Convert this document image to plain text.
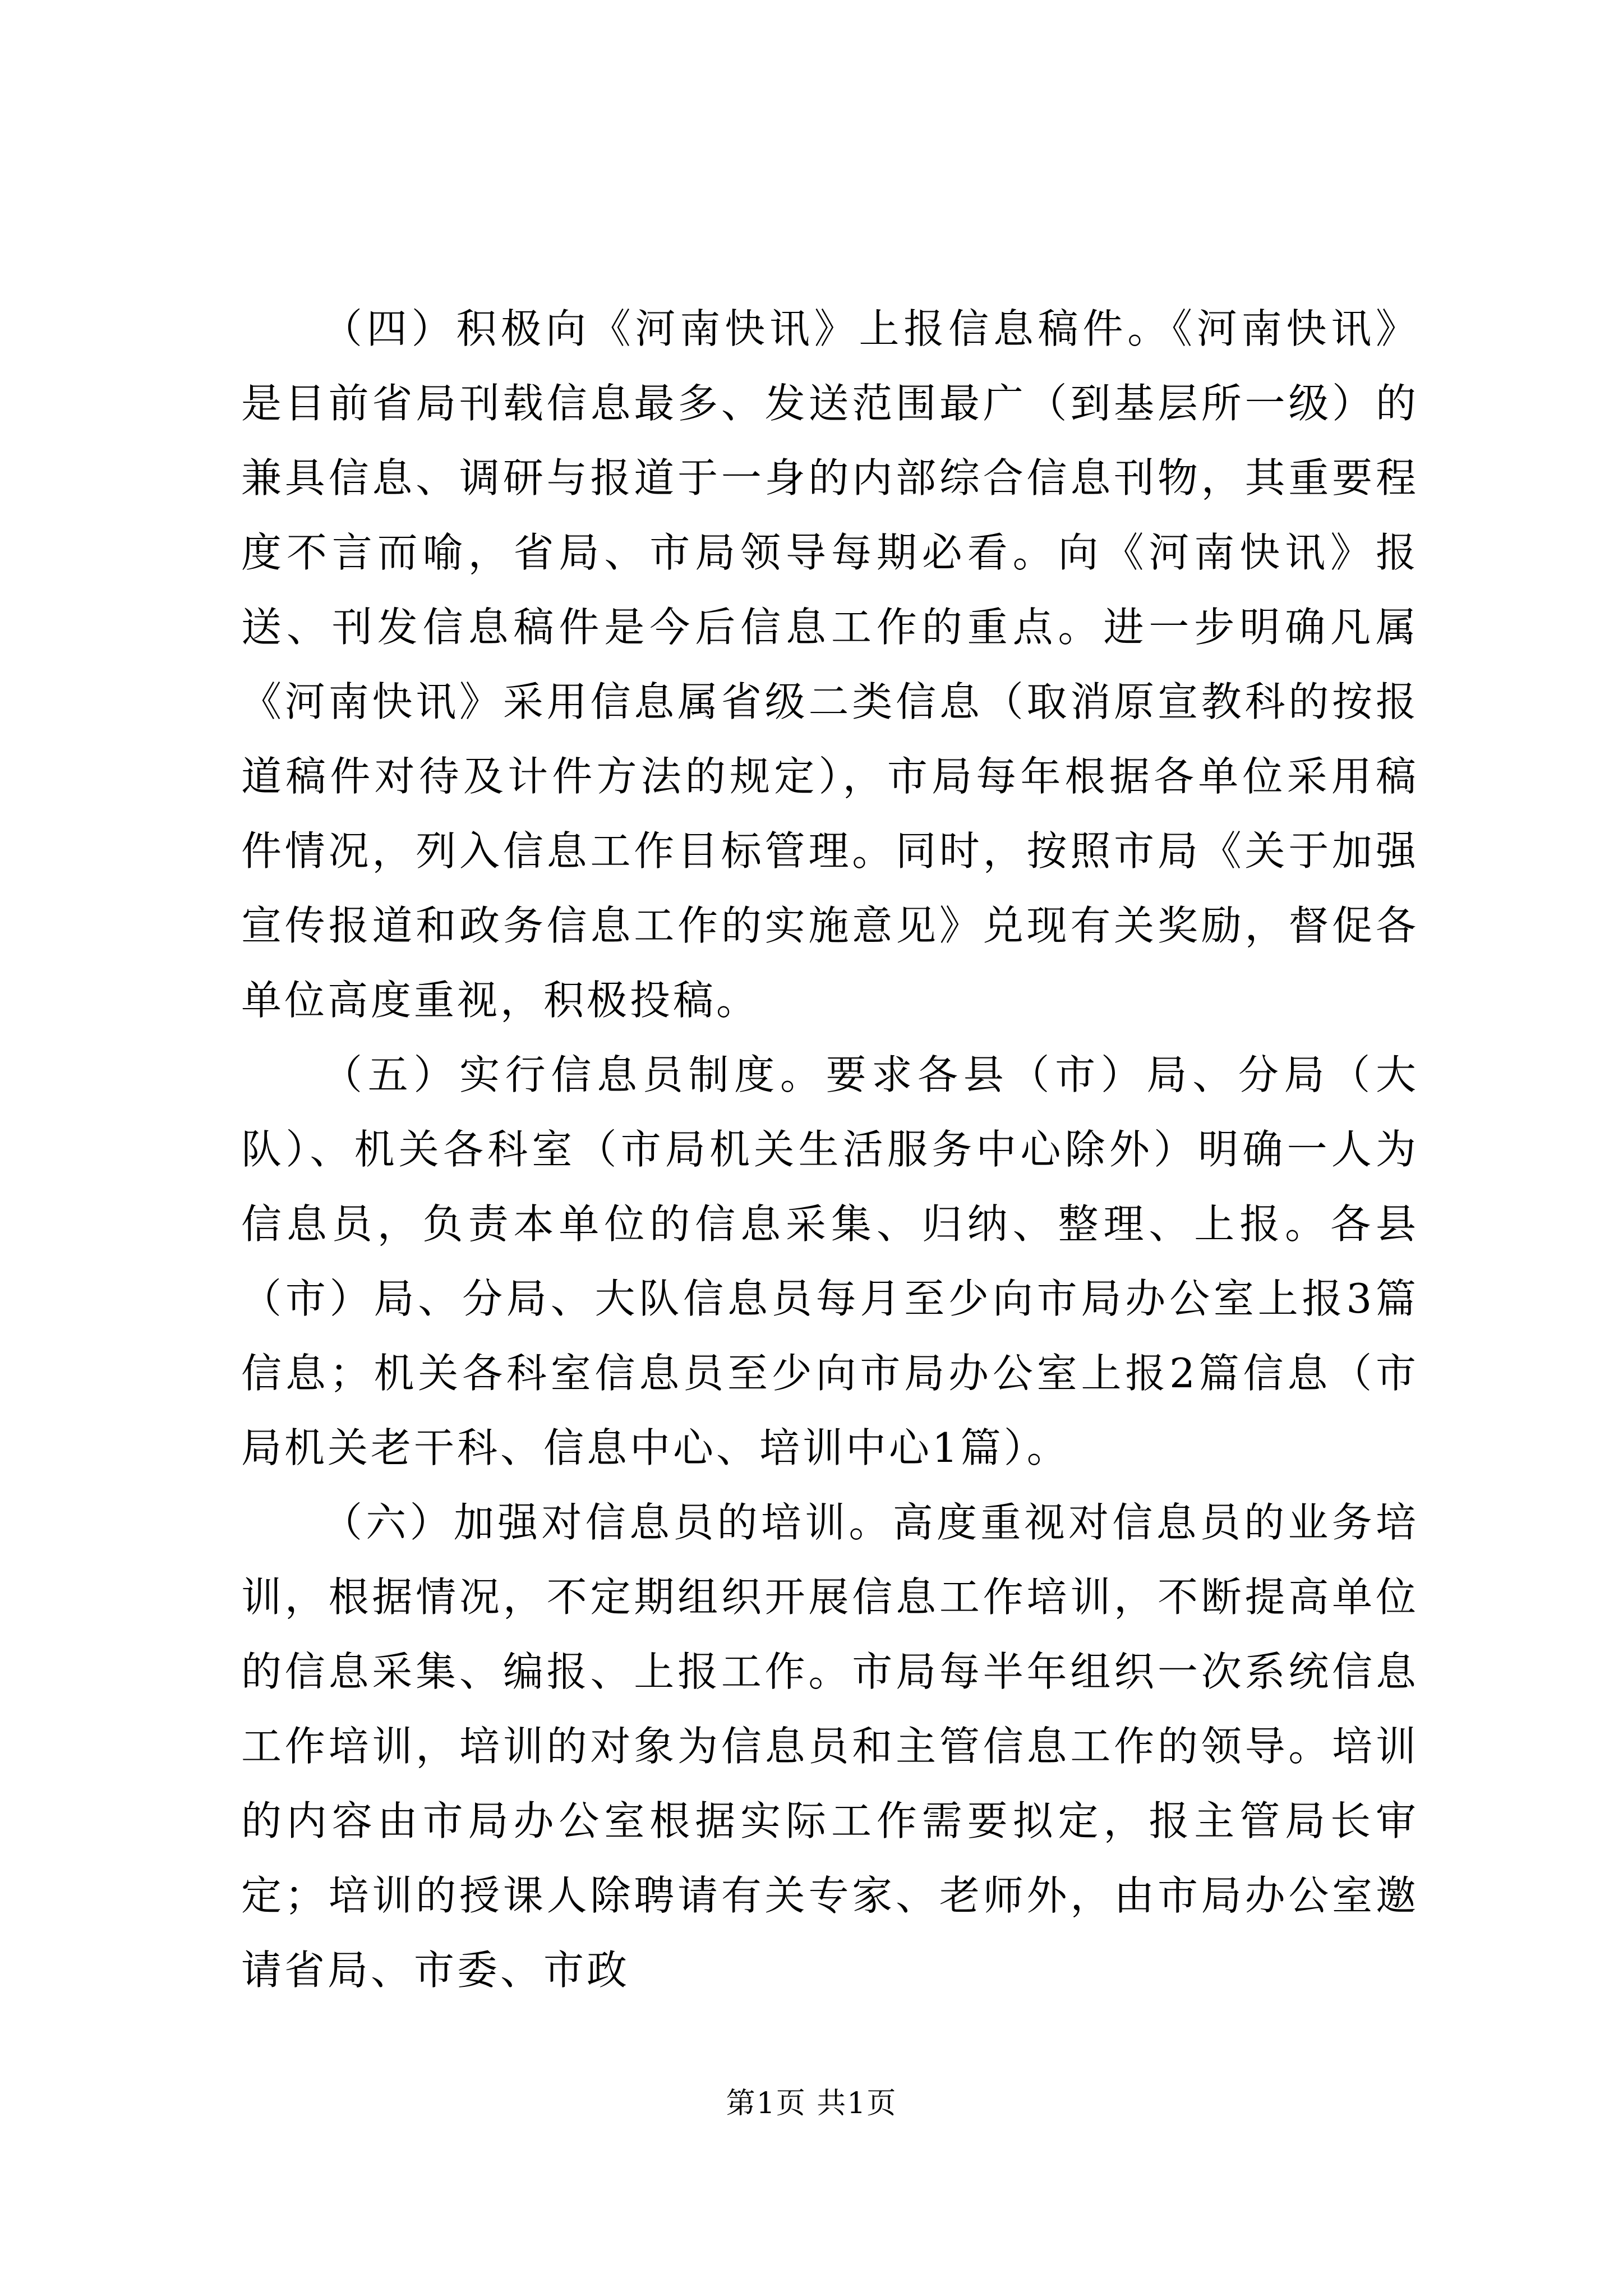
（四）积极向《河南快讯》上报信息稿件。《河南快讯》是目前省局刊载信息最多、发送范围最广（到基层所一级）的兼具信息、调研与报道于一身的内部综合信息刊物，其重要程度不言而喻，省局、市局领导每期必看。向《河南快讯》报送、刊发信息稿件是今后信息工作的重点。进一步明确凡属《河南快讯》采用信息属省级二类信息（取消原宣教科的按报道稿件对待及计件方法的规定），市局每年根据各单位采用稿件情况，列入信息工作目标管理。同时，按照市局《关于加强宣传报道和政务信息工作的实施意见》兑现有关奖励，督促各单位高度重视，积极投稿。

（五）实行信息员制度。要求各县（市）局、分局（大队）、机关各科室（市局机关生活服务中心除外）明确一人为信息员，负责本单位的信息采集、归纳、整理、上报。各县（市）局、分局、大队信息员每月至少向市局办公室上报3篇信息；机关各科室信息员至少向市局办公室上报2篇信息（市局机关老干科、信息中心、培训中心1篇）。

（六）加强对信息员的培训。高度重视对信息员的业务培训，根据情况，不定期组织开展信息工作培训，不断提高单位的信息采集、编报、上报工作。市局每半年组织一次系统信息工作培训，培训的对象为信息员和主管信息工作的领导。培训的内容由市局办公室根据实际工作需要拟定，报主管局长审定；培训的授课人除聘请有关专家、老师外，由市局办公室邀请省局、市委、市政

第1页 共1页
